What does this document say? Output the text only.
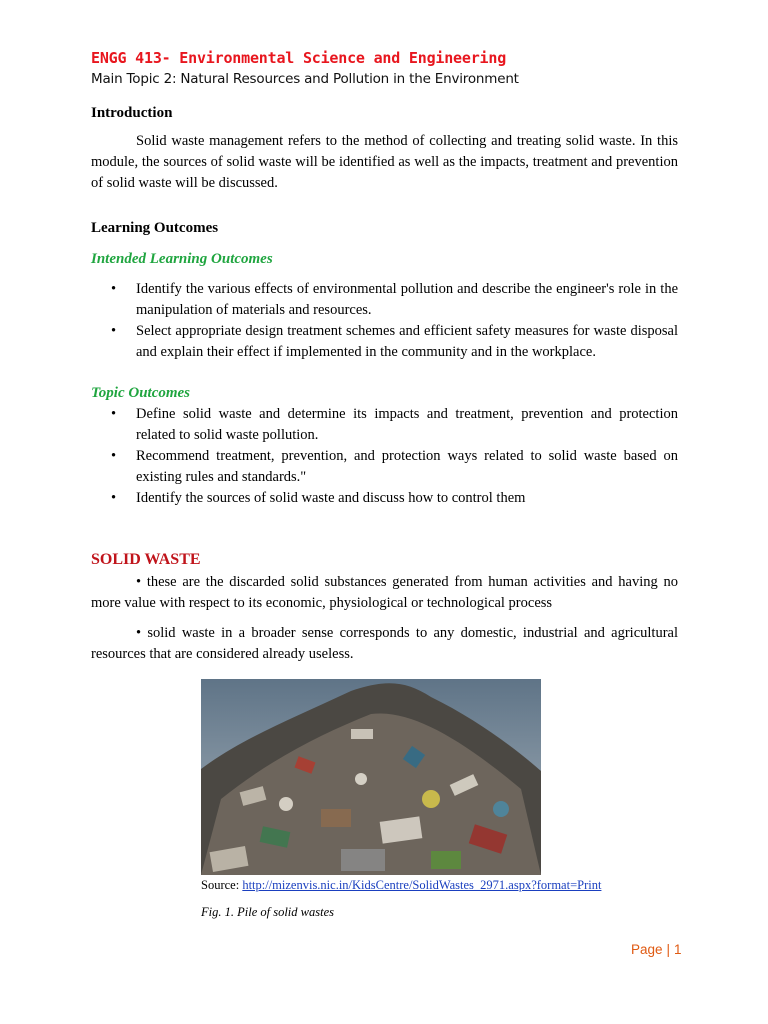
ENGG 413- Environmental Science and Engineering
Main Topic 2: Natural Resources and Pollution in the Environment
Introduction

Solid waste management refers to the method of collecting and treating solid waste. In this module, the sources of solid waste will be identified as well as the impacts, treatment and prevention of solid waste will be discussed.

Learning Outcomes
Intended Learning Outcomes
• Identify the various effects of environmental pollution and describe the engineer's role in the manipulation of materials and resources.
• Select appropriate design treatment schemes and efficient safety measures for waste disposal and explain their effect if implemented in the community and in the workplace.
Topic Outcomes
• Define solid waste and determine its impacts and treatment, prevention and protection related to solid waste pollution.
• Recommend treatment, prevention, and protection ways related to solid waste based on existing rules and standards."
• Identify the sources of solid waste and discuss how to control them
SOLID WASTE

• these are the discarded solid substances generated from human activities and having no more value with respect to its economic, physiological or technological process

• solid waste in a broader sense corresponds to any domestic, industrial and agricultural resources that are considered already useless.

Source: http://mizenvis.nic.in/KidsCentre/SolidWastes_2971.aspx?format=Print
Fig. 1. Pile of solid wastes
Page | 1
